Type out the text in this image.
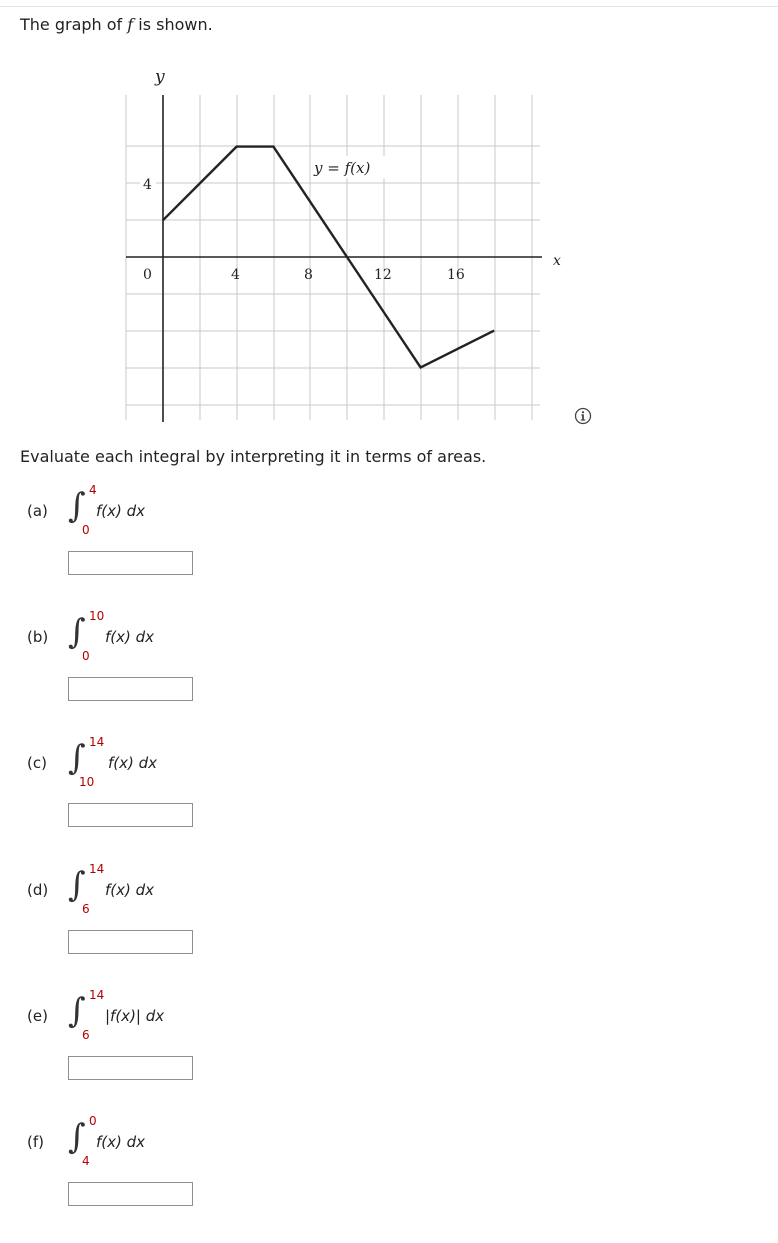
The graph of f is shown.
y
x
4
0	4	8	12	16
y = f(x)
Evaluate each integral by interpreting it in terms of areas.
(a) ∫ 4
0
f(x) dx
(b) ∫ 10
0
f(x) dx
(c) ∫ 14
10
f(x) dx
(d) ∫ 14
6
f(x) dx
(e) ∫ 14
6
|f(x)| dx
(f) ∫ 0
4
f(x) dx
